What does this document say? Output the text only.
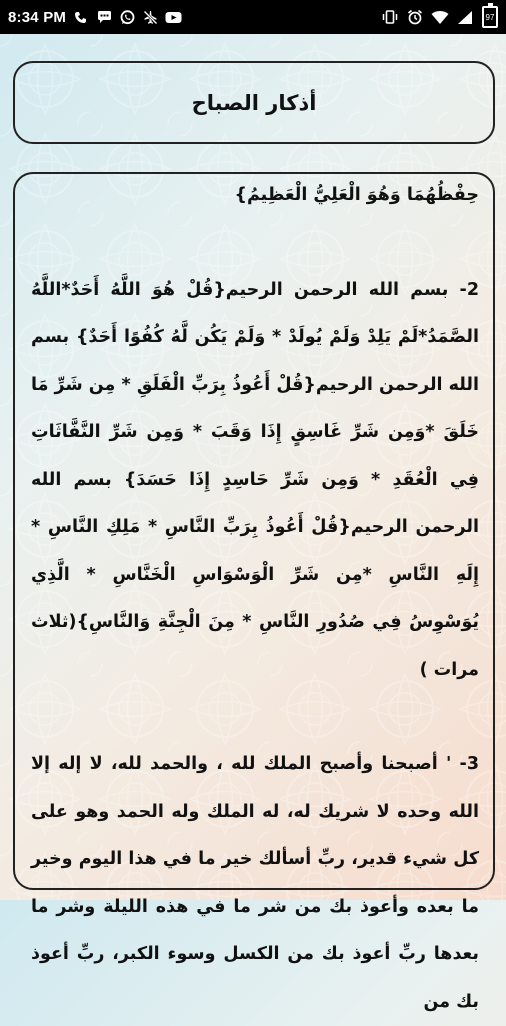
8:34 PM	97
أذكار الصباح

حِفْظُهُمَا وَهُوَ الْعَلِيُّ الْعَظِيمُ}

2- بسم الله الرحمن الرحيم{قُلْ هُوَ اللَّهُ أَحَدٌ*اللَّهُ الصَّمَدُ*لَمْ يَلِدْ وَلَمْ يُولَدْ * وَلَمْ يَكُن لَّهُ كُفُوًا أَحَدٌ} بسم الله الرحمن الرحيم{قُلْ أَعُوذُ بِرَبِّ الْفَلَقِ * مِن شَرِّ مَا خَلَقَ *وَمِن شَرِّ غَاسِقٍ إِذَا وَقَبَ * وَمِن شَرِّ النَّفَّاثَاتِ فِي الْعُقَدِ * وَمِن شَرِّ حَاسِدٍ إِذَا حَسَدَ} بسم الله الرحمن الرحيم{قُلْ أَعُوذُ بِرَبِّ النَّاسِ * مَلِكِ النَّاسِ * إِلَهِ النَّاسِ *مِن شَرِّ الْوَسْوَاسِ الْخَنَّاسِ * الَّذِي يُوَسْوِسُ فِي صُدُورِ النَّاسِ * مِنَ الْجِنَّةِ وَالنَّاسِ}(ثلاث مرات )

3- ' أصبحنا وأصبح الملك لله ، والحمد لله، لا إله إلا الله وحده لا شريك له، له الملك وله الحمد وهو على كل شيء قدير، ربِّ أسألك خير ما في هذا اليوم وخير ما بعده وأعوذ بك من شر ما في هذه الليلة وشر ما بعدها ربِّ أعوذ بك من الكسل وسوء الكبر، ربِّ أعوذ بك من
